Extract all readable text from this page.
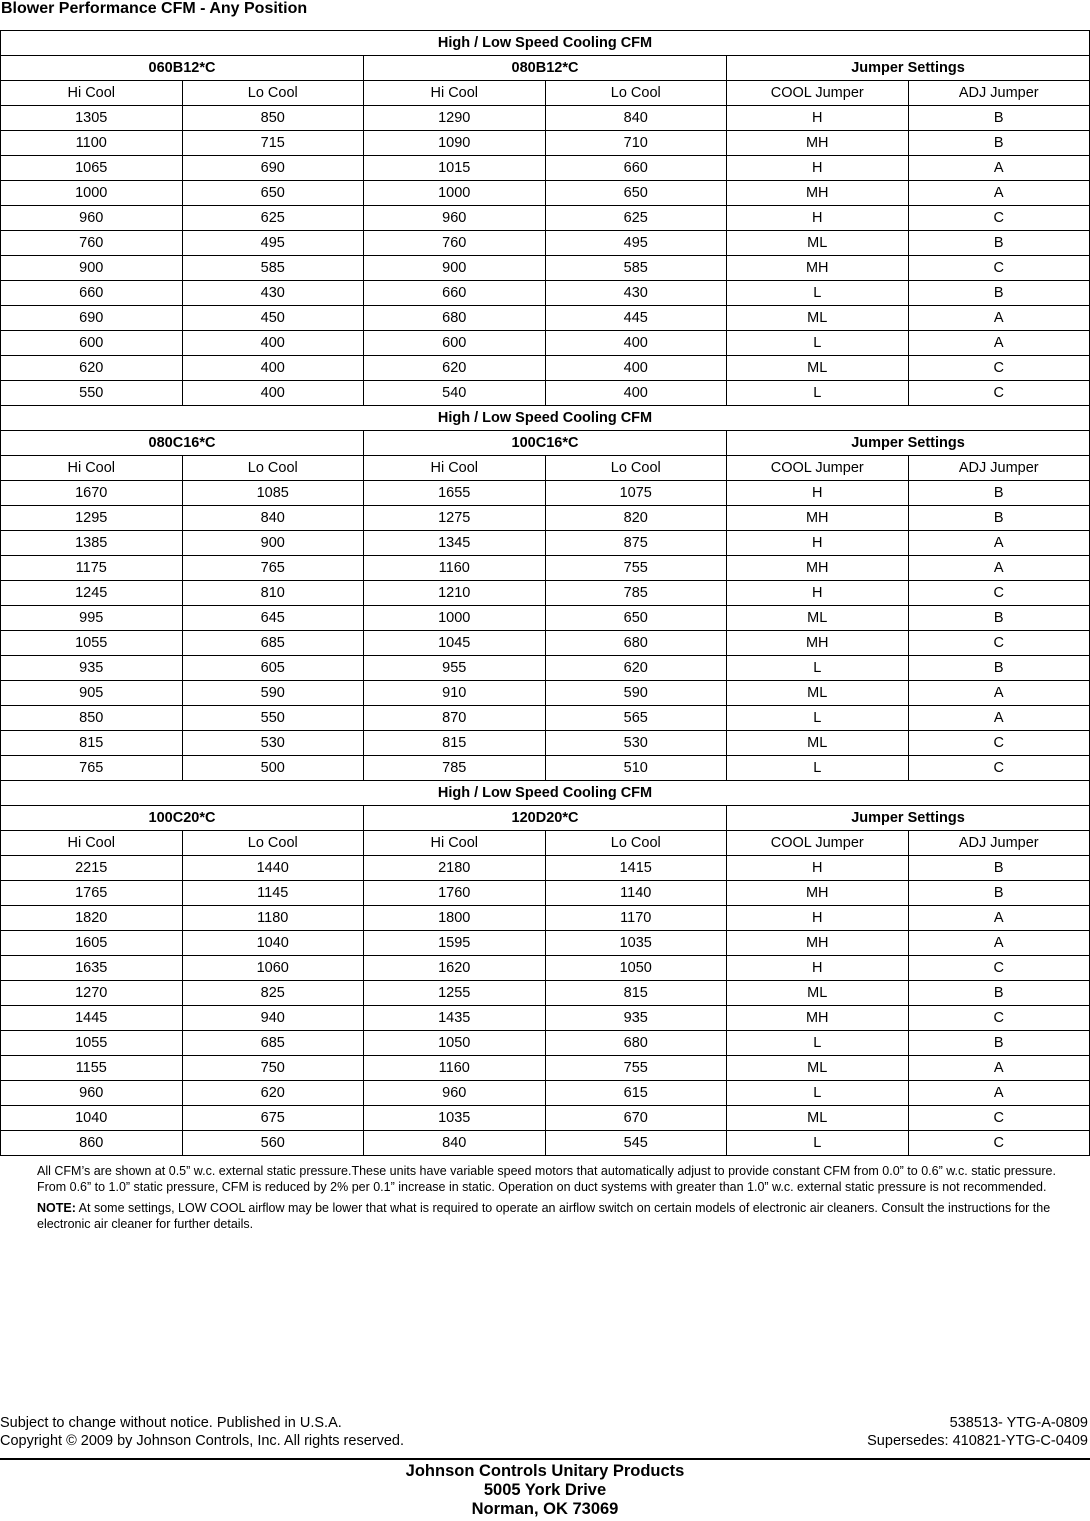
Blower Performance CFM - Any Position
High / Low Speed Cooling CFM					
060B12*C		080B12*C		Jumper Settings	
Hi Cool	Lo Cool	Hi Cool	Lo Cool	COOL Jumper	ADJ Jumper
1305	850	1290	840	H	B
1100	715	1090	710	MH	B
1065	690	1015	660	H	A
1000	650	1000	650	MH	A
960	625	960	625	H	C
760	495	760	495	ML	B
900	585	900	585	MH	C
660	430	660	430	L	B
690	450	680	445	ML	A
600	400	600	400	L	A
620	400	620	400	ML	C
550	400	540	400	L	C
High / Low Speed Cooling CFM					
080C16*C		100C16*C		Jumper Settings	
Hi Cool	Lo Cool	Hi Cool	Lo Cool	COOL Jumper	ADJ Jumper
1670	1085	1655	1075	H	B
1295	840	1275	820	MH	B
1385	900	1345	875	H	A
1175	765	1160	755	MH	A
1245	810	1210	785	H	C
995	645	1000	650	ML	B
1055	685	1045	680	MH	C
935	605	955	620	L	B
905	590	910	590	ML	A
850	550	870	565	L	A
815	530	815	530	ML	C
765	500	785	510	L	C
High / Low Speed Cooling CFM					
100C20*C		120D20*C		Jumper Settings	
Hi Cool	Lo Cool	Hi Cool	Lo Cool	COOL Jumper	ADJ Jumper
2215	1440	2180	1415	H	B
1765	1145	1760	1140	MH	B
1820	1180	1800	1170	H	A
1605	1040	1595	1035	MH	A
1635	1060	1620	1050	H	C
1270	825	1255	815	ML	B
1445	940	1435	935	MH	C
1055	685	1050	680	L	B
1155	750	1160	755	ML	A
960	620	960	615	L	A
1040	675	1035	670	ML	C
860	560	840	545	L	C

All CFM’s are shown at 0.5” w.c. external static pressure.These units have variable speed motors that automatically adjust to provide constant CFM from 0.0” to 0.6” w.c. static pressure. From 0.6” to 1.0” static pressure, CFM is reduced by 2% per 0.1” increase in static. Operation on duct systems with greater than 1.0” w.c. external static pressure is not recommended.

NOTE: At some settings, LOW COOL airflow may be lower that what is required to operate an airflow switch on certain models of electronic air cleaners. Consult the instructions for the electronic air cleaner for further details.

Subject to change without notice. Published in U.S.A.
Copyright © 2009 by Johnson Controls, Inc. All rights reserved.
538513- YTG-A-0809
Supersedes: 410821-YTG-C-0409
Johnson Controls Unitary Products
5005 York Drive
Norman, OK 73069
